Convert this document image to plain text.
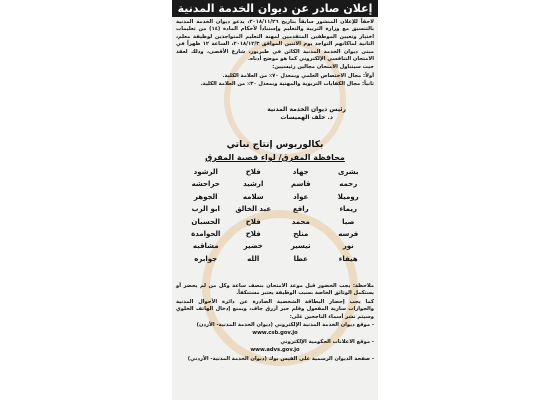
إعلان صادر عن ديوان الخدمة المدنية

لاحقاً للإعلان المنشور سابقاً بتاريخ ٢٠١٨/١١/٢٦، يدعو ديوان الخدمة المدنية بالتنسيق مع وزارة التربية والتعليم وإستناداً لأحكام المادة (١٤) من تعليمات اختيار وتعيين الموظفين المتقدمين لمهنة التعليم المتواجدين لوظيفة معلم، الثانية لماكانهم التواجد يوم الاثنين الموافق ٢٠١٨/١٢/٣، الساعة ١٢ ظهراً في مبنى ديوان الخدمة المدنية الكائن في طبربور، شارع الأقصى، وذلك لعقد الامتحان التنافسي الإلكتروني كما هو موضح أدناه.

حيث سيتناول الامتحان مجالين رئيسيين:

أولاً: مجال الاختصاص العلمي وبمعدل ٧٠٪ من العلامة الكلية.

ثانياً: مجال الكفايات التربوية والمهنية وبمعدل ٣٠٪ من العلامة الكلية.

رئيس ديوان الخدمة المدنية
د. خلف الهميسات
بكالوريوس إنتاج نباتي
محافظة المفرق/ لواء قصبة المفرق
بشرى
جهاد
فلاح
الرشود
رحمه
قاسم
ارشيد
حراحشه
روميلا
عواد
سلامه
الجوهر
ريماء
رافع
عبد الخالق
ابو الرب
صبا
محمد
فلاح
الحسبان
فرسه
منلح
فلاح
الحوامدة
نور
تيسير
خضير
مشاقبه
هيفاء
عطا
الله
جوابره

ملاحظة: يجب الحضور قبل موعد الامتحان بنصف ساعة وكل من لم يحضر أو يستكمل الوثائق الخاصة بسبب الوظيفة يعتبر مستنكفاً.

كما يجب إحضار البطاقة الشخصية الصادرة عن دائرة الأحوال المدنية والجوازات سارية المفعول وقلم حبر أزرق جاف، ويمنع إدخال الهاتف الخلوي وسيتم نشر أسماء الناجحين على:

- موقع ديوان الخدمة المدنية الإلكتروني (ديوان الخدمة المدنية- الأردن)

www.csb.gov.jo

- موقع الاعلانات الحكومية الإلكتروني

www.advs.gov.jo

- صفحة الديوان الرسمية على الفيس بوك (ديوان الخدمة المدنية- الأردني)
